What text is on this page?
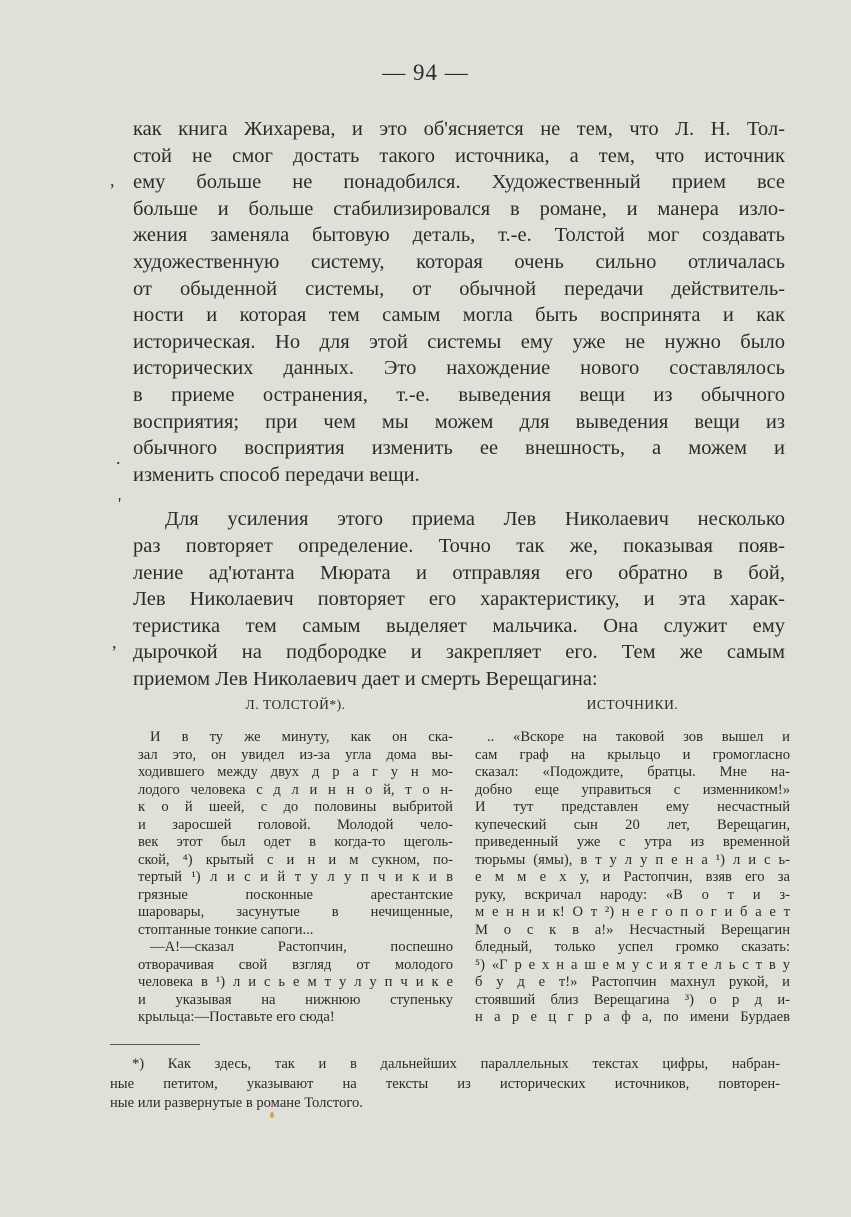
— 94 —
,
.
'
,
как книга Жихарева, и это об'ясняется не тем, что Л. Н. Тол-
стой не смог достать такого источника, а тем, что источник
ему больше не понадобился. Художественный прием все
больше и больше стабилизировался в романе, и манера изло-
жения заменяла бытовую деталь, т.-е. Толстой мог создавать
художественную систему, которая очень сильно отличалась
от обыденной системы, от обычной передачи действитель-
ности и которая тем самым могла быть воспринята и как
историческая. Но для этой системы ему уже не нужно было
исторических данных. Это нахождение нового составлялось
в приеме остранения, т.-е. выведения вещи из обычного
восприятия; при чем мы можем для выведения вещи из
обычного восприятия изменить ее внешность, а можем и
изменить способ передачи вещи.
Для усиления этого приема Лев Николаевич несколько
раз повторяет определение. Точно так же, показывая появ-
ление ад'ютанта Мюрата и отправляя его обратно в бой,
Лев Николаевич повторяет его характеристику, и эта харак-
теристика тем самым выделяет мальчика. Она служит ему
дырочкой на подбородке и закрепляет его. Тем же самым
приемом Лев Николаевич дает и смерть Верещагина:
Л. ТОЛСТОЙ*).
И в ту же минуту, как он ска-
зал это, он увидел из-за угла дома вы-
ходившего между двух д р а г у н мо-
лодого человека с д л и н н о й, т о н-
к о й шеей, с до половины выбритой
и заросшей головой. Молодой чело-
век этот был одет в когда-то щеголь-
ской, ⁴) крытый с и н и м сукном, по-
тертый ¹) л и с и й т у л у п ч и к и в
грязные посконные арестантские
шаровары, засунутые в нечищенные,
стоптанные тонкие сапоги...
—А!—сказал Растопчин, поспешно
отворачивая свой взгляд от молодого
человека в ¹) л и с ь е м т у л у п ч и к е
и указывая на нижнюю ступеньку
крыльца:—Поставьте его сюда!
ИСТОЧНИКИ.
.. «Вскоре на таковой зов вышел и
сам граф на крыльцо и громогласно
сказал: «Подождите, братцы. Мне на-
добно еще управиться с изменником!»
И тут представлен ему несчастный
купеческий сын 20 лет, Верещагин,
приведенный уже с утра из временной
тюрьмы (ямы), в т у л у п е н а ¹) л и с ь-
е м м е х у, и Растопчин, взяв его за
руку, вскричал народу: «В о т и з-
м е н н и к! О т ²) н е г о п о г и б а е т
М о с к в а!» Несчастный Верещагин
бледный, только успел громко сказать:
⁵) «Г р е х н а ш е м у с и я т е л ь с т в у
б у д е т!» Растопчин махнул рукой, и
стоявший близ Верещагина ³) о р д и-
н а р е ц г р а ф а, по имени Бурдаев
*) Как здесь, так и в дальнейших параллельных текстах цифры, набран-
ные петитом, указывают на тексты из исторических источников, повторен-
ные или развернутые в романе Толстого.
